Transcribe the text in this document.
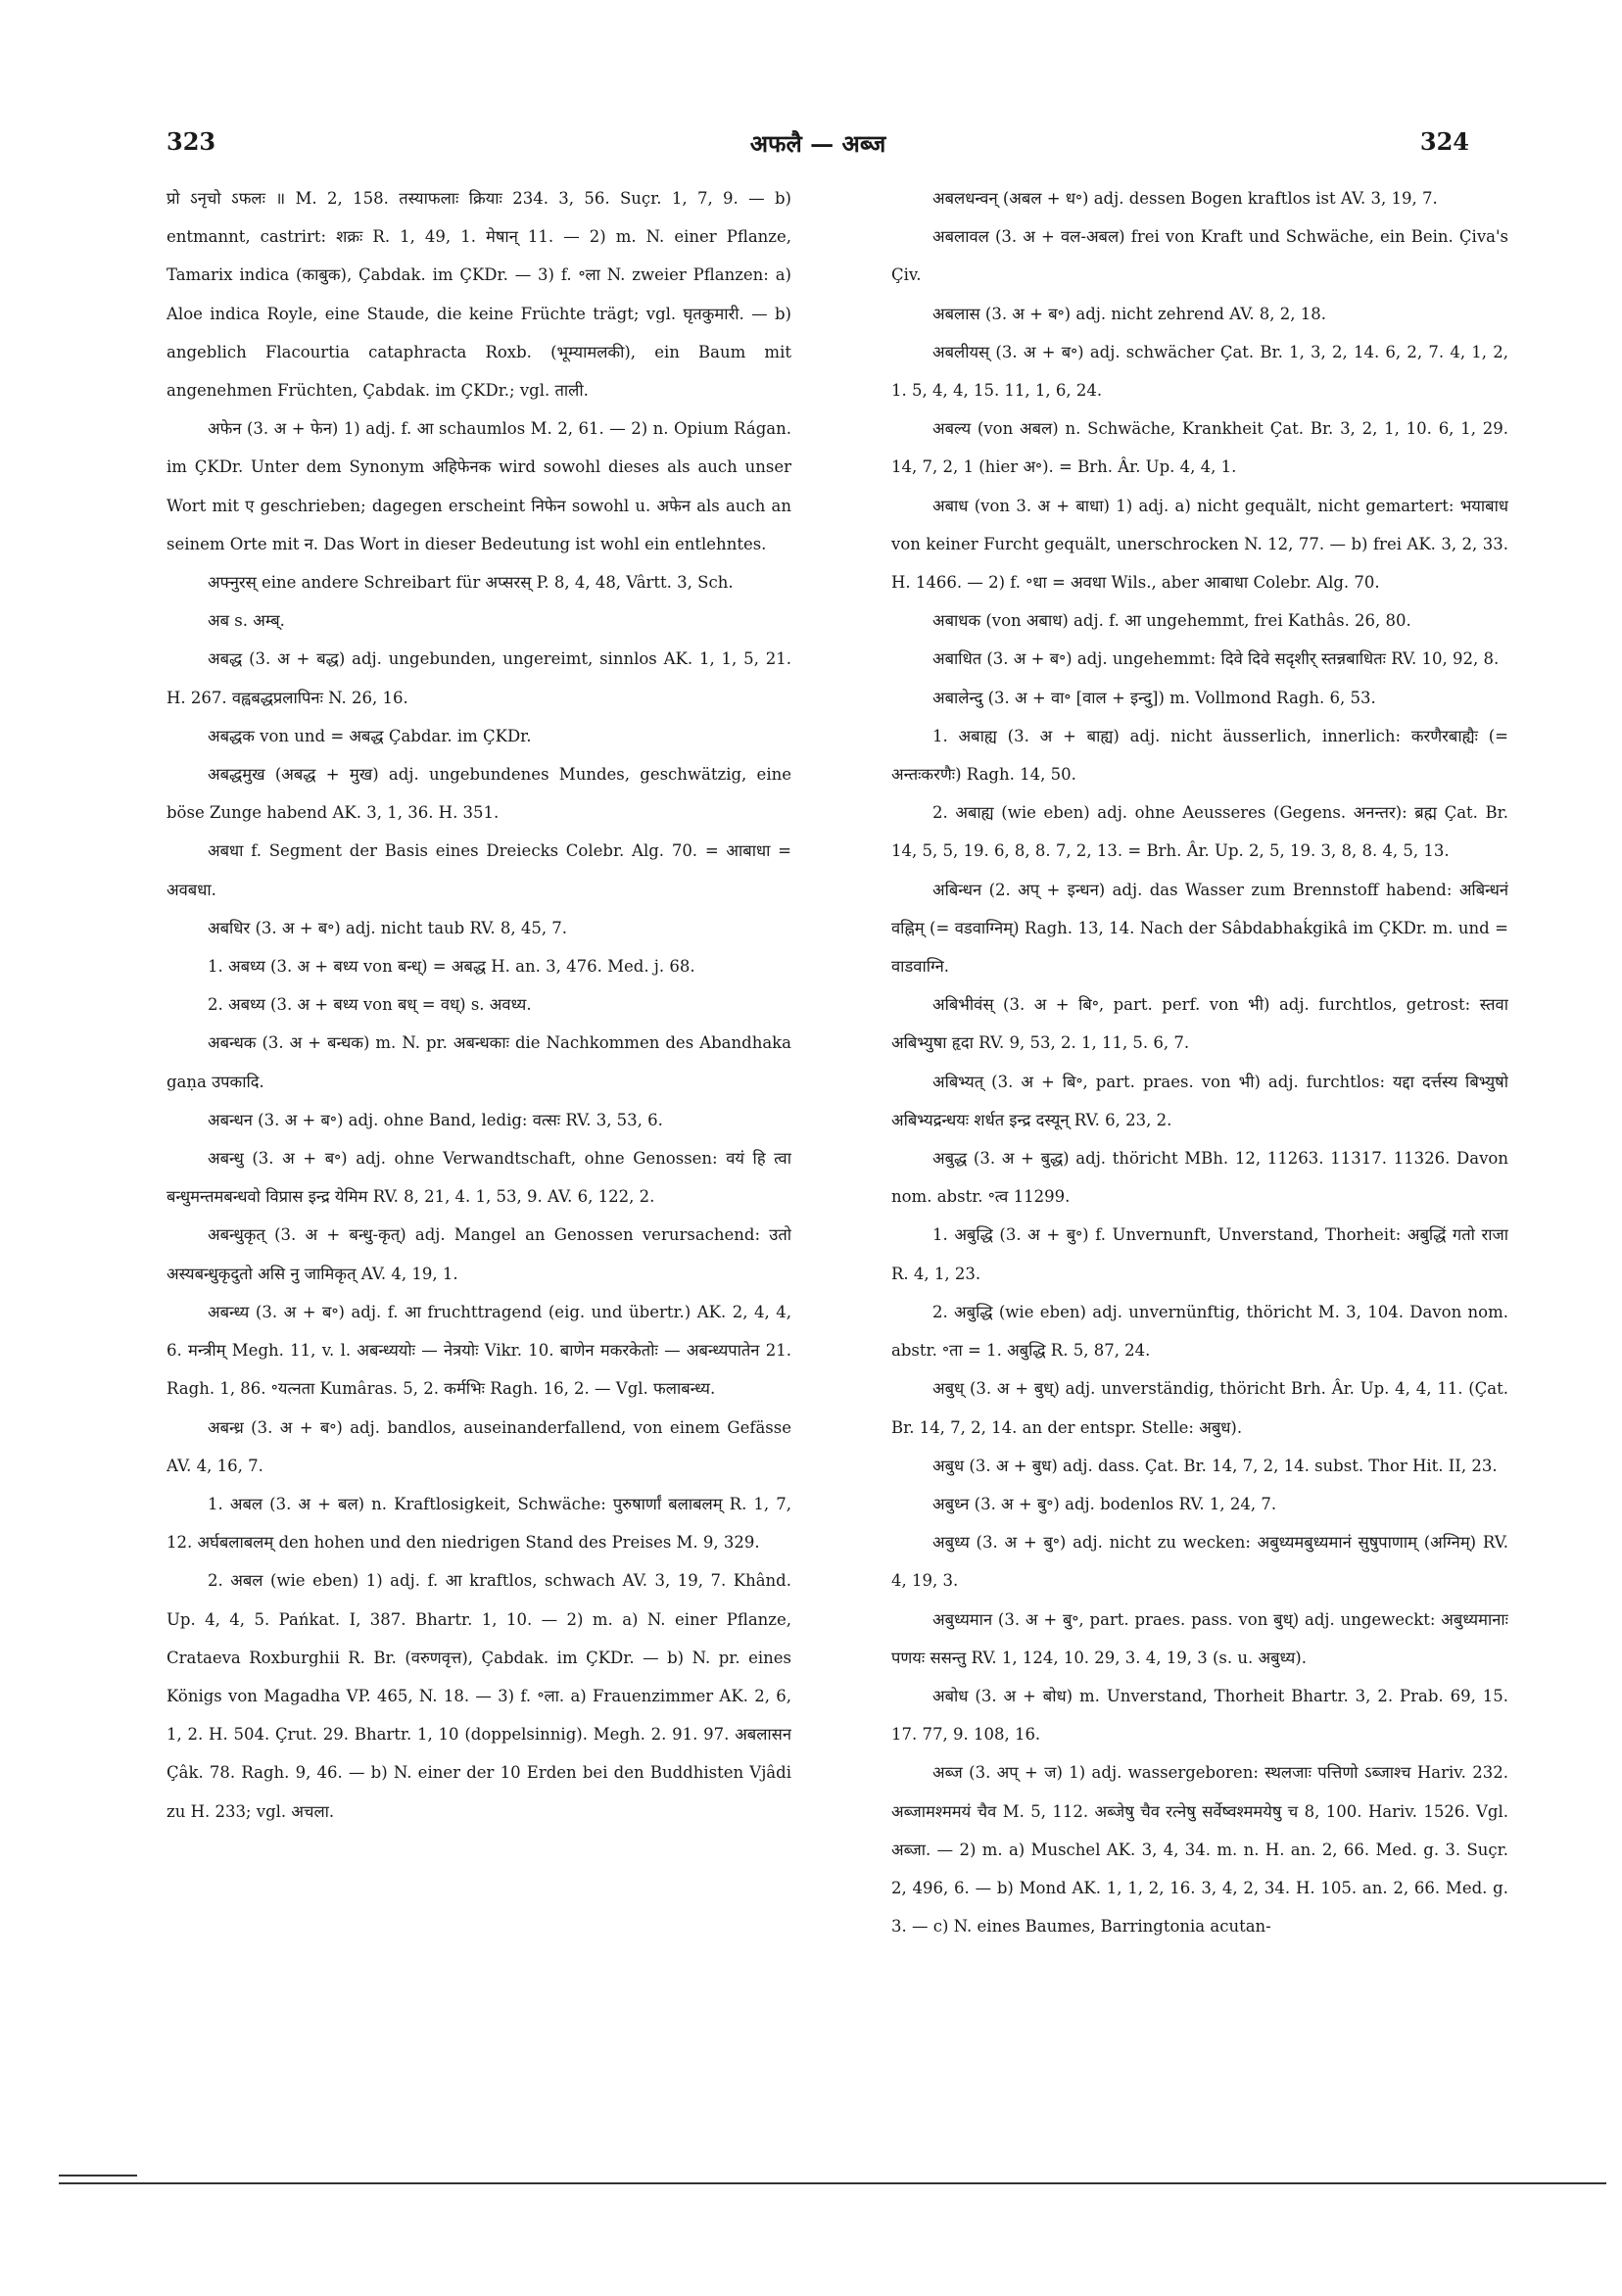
323	अफलै — अब्ज	324

प्रो ऽनृचो ऽफलः ॥ M. 2, 158. तस्याफलाः क्रियाः 234. 3, 56. Suçr. 1, 7, 9. — b) entmannt, castrirt: शक्रः R. 1, 49, 1. मेषान् 11. — 2) m. N. einer Pflanze, Tamarix indica (काबुक), Çabdak. im ÇKDr. — 3) f. ॰ला N. zweier Pflanzen: a) Aloe indica Royle, eine Staude, die keine Früchte trägt; vgl. घृतकुमारी. — b) angeblich Flacourtia cataphracta Roxb. (भूम्यामलकी), ein Baum mit angenehmen Früchten, Çabdak. im ÇKDr.; vgl. ताली.

अफेन (3. अ + फेन) 1) adj. f. आ schaumlos M. 2, 61. — 2) n. Opium Rágan. im ÇKDr. Unter dem Synonym अहिफेनक wird sowohl dieses als auch unser Wort mit ए geschrieben; dagegen erscheint निफेन sowohl u. अफेन als auch an seinem Orte mit न. Das Wort in dieser Bedeutung ist wohl ein entlehntes.

अफ्नुरस् eine andere Schreibart für अप्सरस् P. 8, 4, 48, Vârtt. 3, Sch.

अब s. अम्ब्.

अबद्ध (3. अ + बद्ध) adj. ungebunden, ungereimt, sinnlos AK. 1, 1, 5, 21. H. 267. वह्वबद्धप्रलापिनः N. 26, 16.

अबद्धक von und = अबद्ध Çabdar. im ÇKDr.

अबद्धमुख (अबद्ध + मुख) adj. ungebundenes Mundes, geschwätzig, eine böse Zunge habend AK. 3, 1, 36. H. 351.

अबधा f. Segment der Basis eines Dreiecks Colebr. Alg. 70. = आबाधा = अवबधा.

अबधिर (3. अ + ब॰) adj. nicht taub RV. 8, 45, 7.

1. अबध्य (3. अ + बध्य von बन्ध्) = अबद्ध H. an. 3, 476. Med. j. 68.

2. अबध्य (3. अ + बध्य von बध् = वध्) s. अवध्य.

अबन्धक (3. अ + बन्धक) m. N. pr. अबन्धकाः die Nachkommen des Abandhaka gaṇa उपकादि.

अबन्धन (3. अ + ब॰) adj. ohne Band, ledig: वत्सः RV. 3, 53, 6.

अबन्धु (3. अ + ब॰) adj. ohne Verwandtschaft, ohne Genossen: वयं हि त्वा बन्धुमन्तमबन्धवो विप्रास इन्द्र येमिम RV. 8, 21, 4. 1, 53, 9. AV. 6, 122, 2.

अबन्धुकृत् (3. अ + बन्धु-कृत्) adj. Mangel an Genossen verursachend: उतो अस्यबन्धुकृदुतो असि नु जामिकृत् AV. 4, 19, 1.

अबन्ध्य (3. अ + ब॰) adj. f. आ fruchttragend (eig. und übertr.) AK. 2, 4, 4, 6. मन्त्रीम् Megh. 11, v. l. अबन्ध्ययोः — नेत्रयोः Vikr. 10. बाणेन मकरकेतोः — अबन्ध्यपातेन 21. Ragh. 1, 86. ॰यत्नता Kumâras. 5, 2. कर्मभिः Ragh. 16, 2. — Vgl. फलाबन्ध्य.

अबन्ध्र (3. अ + ब॰) adj. bandlos, auseinanderfallend, von einem Gefässe AV. 4, 16, 7.

1. अबल (3. अ + बल) n. Kraftlosigkeit, Schwäche: पुरुषार्णां बलाबलम् R. 1, 7, 12. अर्घबलाबलम् den hohen und den niedrigen Stand des Preises M. 9, 329.

2. अबल (wie eben) 1) adj. f. आ kraftlos, schwach AV. 3, 19, 7. Khând. Up. 4, 4, 5. Pańkat. I, 387. Bhartr. 1, 10. — 2) m. a) N. einer Pflanze, Crataeva Roxburghii R. Br. (वरुणवृत्त), Çabdak. im ÇKDr. — b) N. pr. eines Königs von Magadha VP. 465, N. 18. — 3) f. ॰ला. a) Frauenzimmer AK. 2, 6, 1, 2. H. 504. Çrut. 29. Bhartr. 1, 10 (doppelsinnig). Megh. 2. 91. 97. अबलासन Çâk. 78. Ragh. 9, 46. — b) N. einer der 10 Erden bei den Buddhisten Vjâdi zu H. 233; vgl. अचला.

अबलधन्वन् (अबल + ध॰) adj. dessen Bogen kraftlos ist AV. 3, 19, 7.

अबलावल (3. अ + वल-अबल) frei von Kraft und Schwäche, ein Bein. Çiva's Çiv.

अबलास (3. अ + ब॰) adj. nicht zehrend AV. 8, 2, 18.

अबलीयस् (3. अ + ब॰) adj. schwächer Çat. Br. 1, 3, 2, 14. 6, 2, 7. 4, 1, 2, 1. 5, 4, 4, 15. 11, 1, 6, 24.

अबल्य (von अबल) n. Schwäche, Krankheit Çat. Br. 3, 2, 1, 10. 6, 1, 29. 14, 7, 2, 1 (hier अ॰). = Brh. Âr. Up. 4, 4, 1.

अबाध (von 3. अ + बाधा) 1) adj. a) nicht gequält, nicht gemartert: भयाबाध von keiner Furcht gequält, unerschrocken N. 12, 77. — b) frei AK. 3, 2, 33. H. 1466. — 2) f. ॰धा = अवधा Wils., aber आबाधा Colebr. Alg. 70.

अबाधक (von अबाध) adj. f. आ ungehemmt, frei Kathâs. 26, 80.

अबाधित (3. अ + ब॰) adj. ungehemmt: दिवे दिवे सदृशीर् स्तन्नबाधितः RV. 10, 92, 8.

अबालेन्दु (3. अ + वा॰ [वाल + इन्दु]) m. Vollmond Ragh. 6, 53.

1. अबाह्य (3. अ + बाह्य) adj. nicht äusserlich, innerlich: करणैरबाह्यैः (= अन्तःकरणैः) Ragh. 14, 50.

2. अबाह्य (wie eben) adj. ohne Aeusseres (Gegens. अनन्तर): ब्रह्म Çat. Br. 14, 5, 5, 19. 6, 8, 8. 7, 2, 13. = Brh. Âr. Up. 2, 5, 19. 3, 8, 8. 4, 5, 13.

अबिन्धन (2. अप् + इन्धन) adj. das Wasser zum Brennstoff habend: अबिन्धनं वह्निम् (= वडवाग्निम्) Ragh. 13, 14. Nach der Sâbdabhaḱgikâ im ÇKDr. m. und = वाडवाग्नि.

अबिभीवंस् (3. अ + बि॰, part. perf. von भी) adj. furchtlos, getrost: स्तवा अबिभ्युषा हृदा RV. 9, 53, 2. 1, 11, 5. 6, 7.

अबिभ्यत् (3. अ + बि॰, part. praes. von भी) adj. furchtlos: यद्दा दर्त्तस्य बिभ्युषो अबिभ्यद्रन्धयः शर्धत इन्द्र दस्यून् RV. 6, 23, 2.

अबुद्ध (3. अ + बुद्ध) adj. thöricht MBh. 12, 11263. 11317. 11326. Davon nom. abstr. ॰त्व 11299.

1. अबुद्धि (3. अ + बु॰) f. Unvernunft, Unverstand, Thorheit: अबुद्धिं गतो राजा R. 4, 1, 23.

2. अबुद्धि (wie eben) adj. unvernünftig, thöricht M. 3, 104. Davon nom. abstr. ॰ता = 1. अबुद्धि R. 5, 87, 24.

अबुध् (3. अ + बुध्) adj. unverständig, thöricht Brh. Âr. Up. 4, 4, 11. (Çat. Br. 14, 7, 2, 14. an der entspr. Stelle: अबुध).

अबुध (3. अ + बुध) adj. dass. Çat. Br. 14, 7, 2, 14. subst. Thor Hit. II, 23.

अबुध्न (3. अ + बु॰) adj. bodenlos RV. 1, 24, 7.

अबुध्य (3. अ + बु॰) adj. nicht zu wecken: अबुध्यमबुध्यमानं सुषुपाणाम् (अग्निम्) RV. 4, 19, 3.

अबुध्यमान (3. अ + बु॰, part. praes. pass. von बुध्) adj. ungeweckt: अबुध्यमानाः पणयः ससन्तु RV. 1, 124, 10. 29, 3. 4, 19, 3 (s. u. अबुध्य).

अबोध (3. अ + बोध) m. Unverstand, Thorheit Bhartr. 3, 2. Prab. 69, 15. 17. 77, 9. 108, 16.

अब्ज (3. अप् + ज) 1) adj. wassergeboren: स्थलजाः पत्तिणो ऽब्जाश्च Hariv. 232. अब्जामश्ममयं चैव M. 5, 112. अब्जेषु चैव रत्नेषु सर्वेष्वश्ममयेषु च 8, 100. Hariv. 1526. Vgl. अब्जा. — 2) m. a) Muschel AK. 3, 4, 34. m. n. H. an. 2, 66. Med. g. 3. Suçr. 2, 496, 6. — b) Mond AK. 1, 1, 2, 16. 3, 4, 2, 34. H. 105. an. 2, 66. Med. g. 3. — c) N. eines Baumes, Barringtonia acutan-
